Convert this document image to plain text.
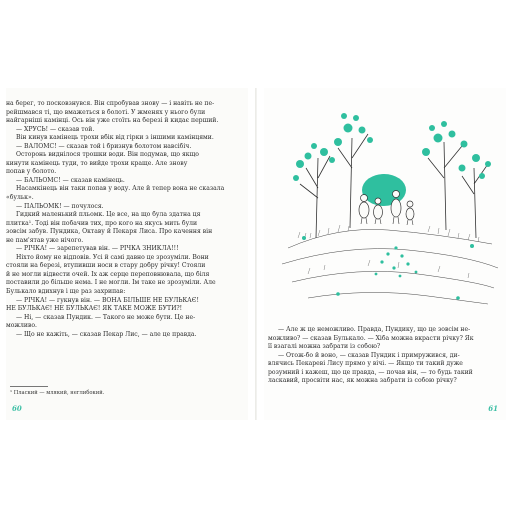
на берег, то посковзнувся. Він спробував знову — і навіть не пе-

рейшмався ті, що вмажеться в болоті. У жменях у нього були

найгарніші камінці. Ось він уже стоїть на березі й кидає перший.

— ХРУСЬ! — сказав той.

Він кинув камінець трохи вбік від гірки з іншими камінцями.

— ВАЛОМС! — сказав той і бризнув болотом навсібіч.

Осторонь виднілося трошки води. Він подумав, що якщо

кинути камінець туди, то вийде трохи краще. Але знову

попав у болото.

— БАЛЬОМС! — сказав камінець.

Насамкінець він таки попав у воду. Але й тепер вона не сказала

«бульк».

— ПАЛЬОМК! — почулося.

Гидкий маленький пльомк. Це все, на що була здатна ця

плитка¹. Тоді він побачив тих, про кого на якусь мить були

зовсім забув. Пундика, Октаву й Пекаря Лиса. Про качення він

не пам'ятав уже нічого.

— РІЧКА! — зарепетував він. — РІЧКА ЗНИКЛА!!!

Ніхто йому не відповів. Усі й самі давно це зрозуміли. Вони

стояли на березі, втупивши носи в стару добру річку! Стояли

й не могли відвести очей. Їх аж серце переповнювала, що біля

поставили до більше нема. І не могли. Їм таке не зрозуміли. Але

Булькало вдихнув і ще раз захрипав:

— РІЧКА! — гукнув він. — ВОНА БІЛЬШЕ НЕ БУЛЬКАЄ!

НЕ БУЛЬКАЄ! НЕ БУЛЬКАЄ! ЯК ТАКЕ МОЖЕ БУТИ?!

— Ні, — сказав Пундик. — Такого не може бути. Це не-

можливо.

— Що не кажіть, — сказав Пекар Лис, — але це правда.

¹ Плаский — млякий, неглибокий.
60

— Але ж це неможливо. Правда, Пундику, що це зовсім не-

можливо? — сказав Булькало. — Хіба можна вкрасти річку? Як

її взагалі можна забрати із собою?

— Отож-бо й воно, — сказав Пундик і примружився, ди-

влячись Пекареві Лису прямо у вічі. — Якщо ти такий дуже

розумний і кажеш, що це правда, — почав він, — то будь такий

ласкавий, просвіти нас, як можна забрати із собою річку?

61
